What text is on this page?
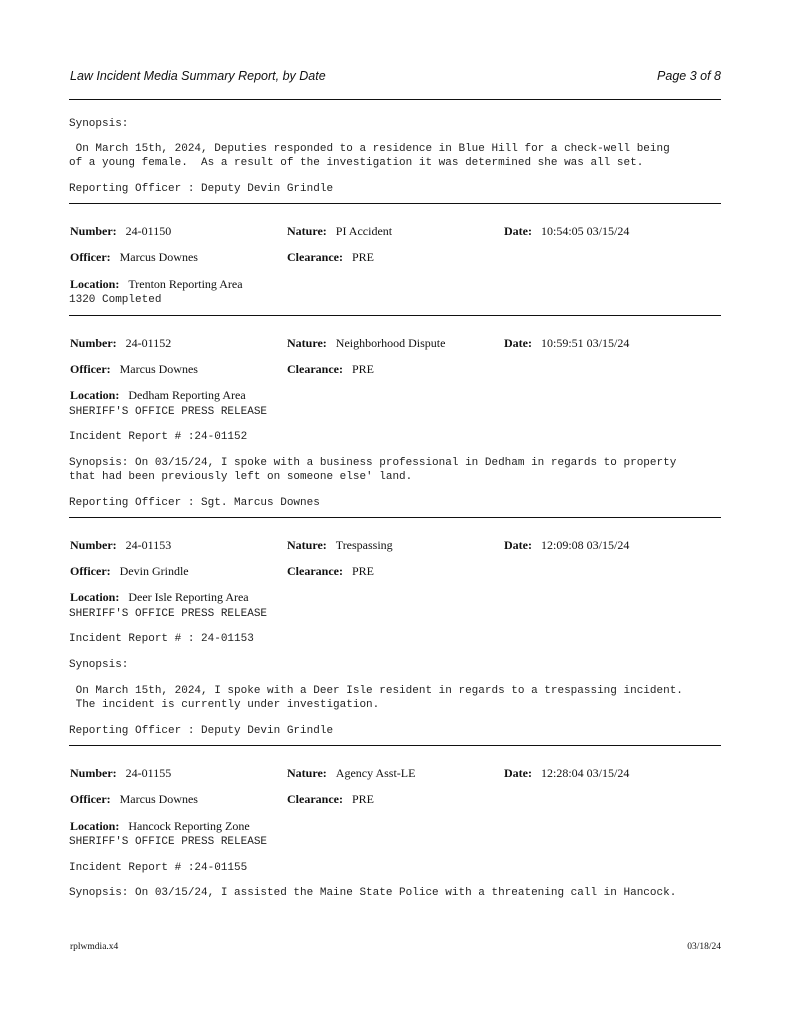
Law Incident Media Summary Report, by Date	Page 3 of 8
Synopsis:
On March 15th, 2024, Deputies responded to a residence in Blue Hill for a check-well being
of a young female.  As a result of the investigation it was determined she was all set.
Reporting Officer : Deputy Devin Grindle
Number: 24-01150	Nature: PI Accident	Date: 10:54:05 03/15/24
Officer: Marcus Downes	Clearance: PRE
Location: Trenton Reporting Area
1320 Completed
Number: 24-01152	Nature: Neighborhood Dispute	Date: 10:59:51 03/15/24
Officer: Marcus Downes	Clearance: PRE
Location: Dedham Reporting Area
SHERIFF'S OFFICE PRESS RELEASE
Incident Report # :24-01152
Synopsis: On 03/15/24, I spoke with a business professional in Dedham in regards to property
that had been previously left on someone else' land.
Reporting Officer : Sgt. Marcus Downes
Number: 24-01153	Nature: Trespassing	Date: 12:09:08 03/15/24
Officer: Devin Grindle	Clearance: PRE
Location: Deer Isle Reporting Area
SHERIFF'S OFFICE PRESS RELEASE
Incident Report # : 24-01153
Synopsis:
On March 15th, 2024, I spoke with a Deer Isle resident in regards to a trespassing incident.
The incident is currently under investigation.
Reporting Officer : Deputy Devin Grindle
Number: 24-01155	Nature: Agency Asst-LE	Date: 12:28:04 03/15/24
Officer: Marcus Downes	Clearance: PRE
Location: Hancock Reporting Zone
SHERIFF'S OFFICE PRESS RELEASE
Incident Report # :24-01155
Synopsis: On 03/15/24, I assisted the Maine State Police with a threatening call in Hancock.
rplwmdia.x4	03/18/24
